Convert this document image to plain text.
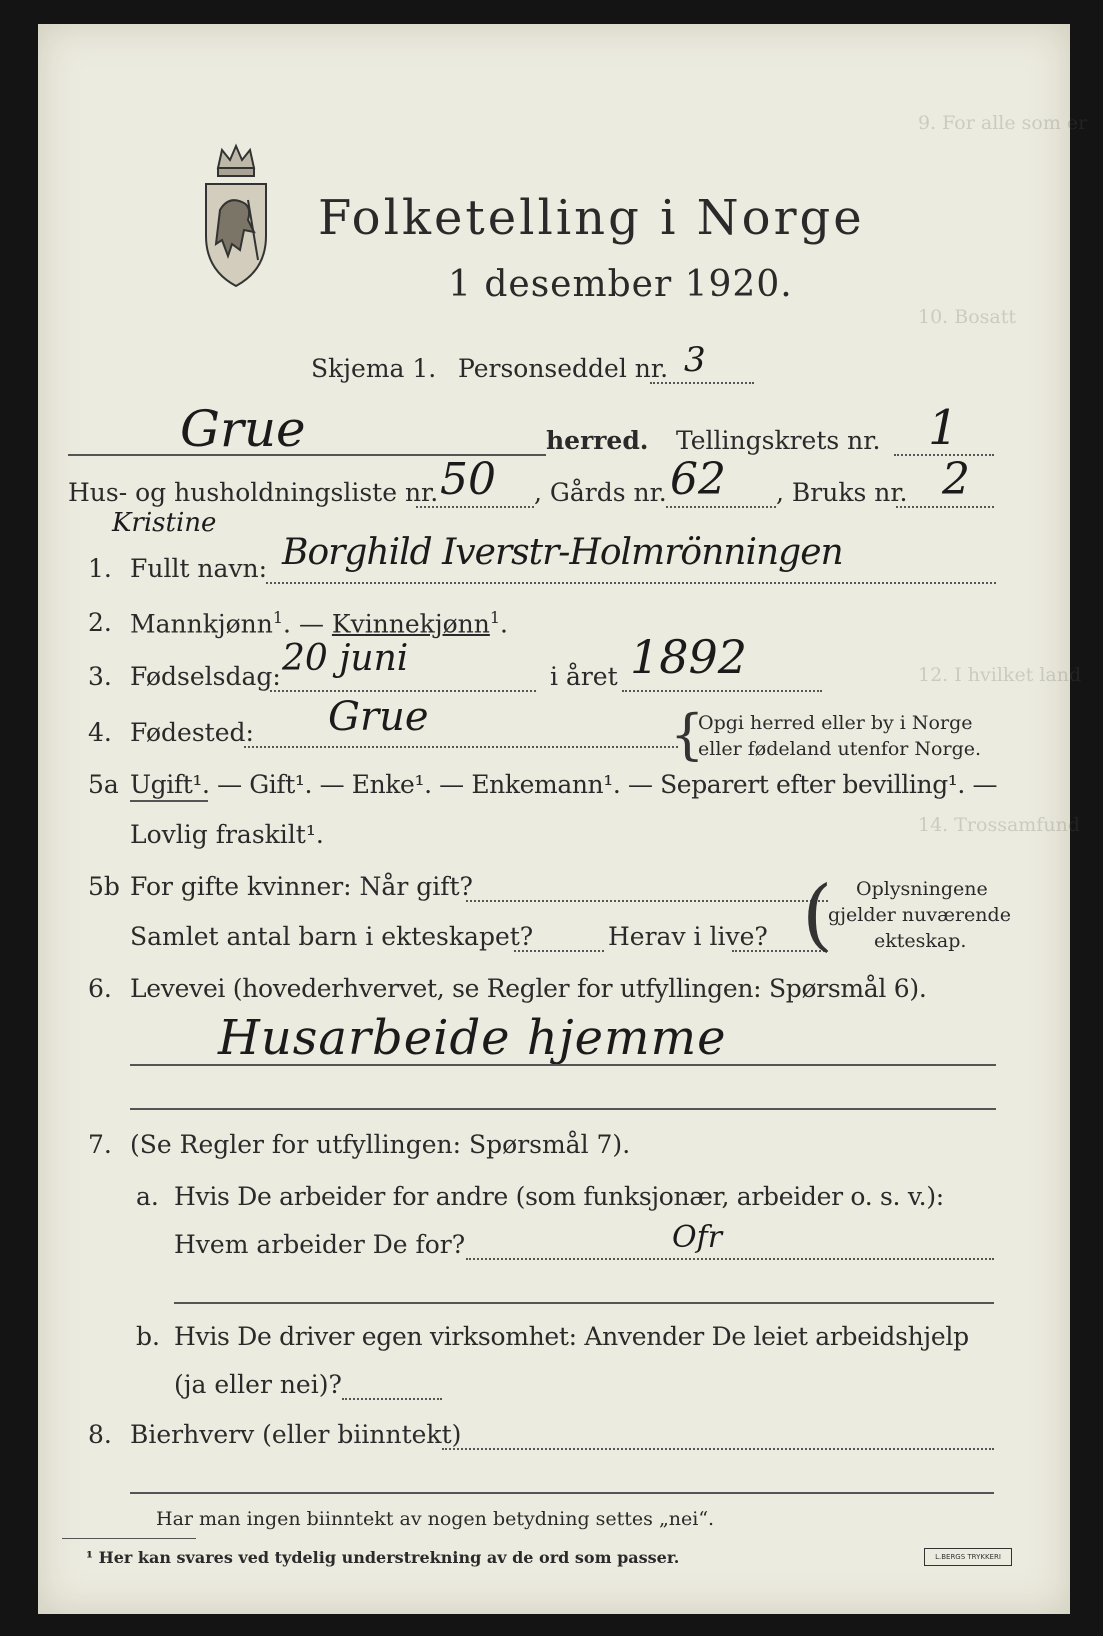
9. For alle som er
10. Bosatt
12. I hvilket land
14. Trossamfund
Folketelling i Norge
1 desember 1920.
Skjema 1. Personseddel nr. 3
Grue	herred. Tellingskrets nr. 1
Hus- og husholdningsliste nr. 50 , Gårds nr. 62 , Bruks nr. 2
Kristine
1. Fullt navn: Borghild Iverstr-Holmrönningen
2. Mannkjønn$^1$. — Kvinnekjønn$^1$.
3. Fødselsdag: 20 juni	i året 1892
4. Fødested: Grue	{
Opgi herred eller by i Norge
eller fødeland utenfor Norge.
5a Ugift¹. — Gift¹. — Enke¹. — Enkemann¹. — Separert efter bevilling¹. —
Lovlig fraskilt¹.
5b For gifte kvinner: Når gift?
Samlet antal barn i ekteskapet?	Herav i live? ( Oplysningene
gjelder nuværende
ekteskap.
6. Levevei (hovederhvervet, se Regler for utfyllingen: Spørsmål 6).
Husarbeide hjemme
7. (Se Regler for utfyllingen: Spørsmål 7).
a. Hvis De arbeider for andre (som funksjonær, arbeider o. s. v.):
Hvem arbeider De for?	Ofr
b. Hvis De driver egen virksomhet: Anvender De leiet arbeidshjelp
(ja eller nei)?
8. Bierhverv (eller biinntekt)
Har man ingen biinntekt av nogen betydning settes „nei“.
¹ Her kan svares ved tydelig understrekning av de ord som passer.	L.BERGS TRYKKERI
